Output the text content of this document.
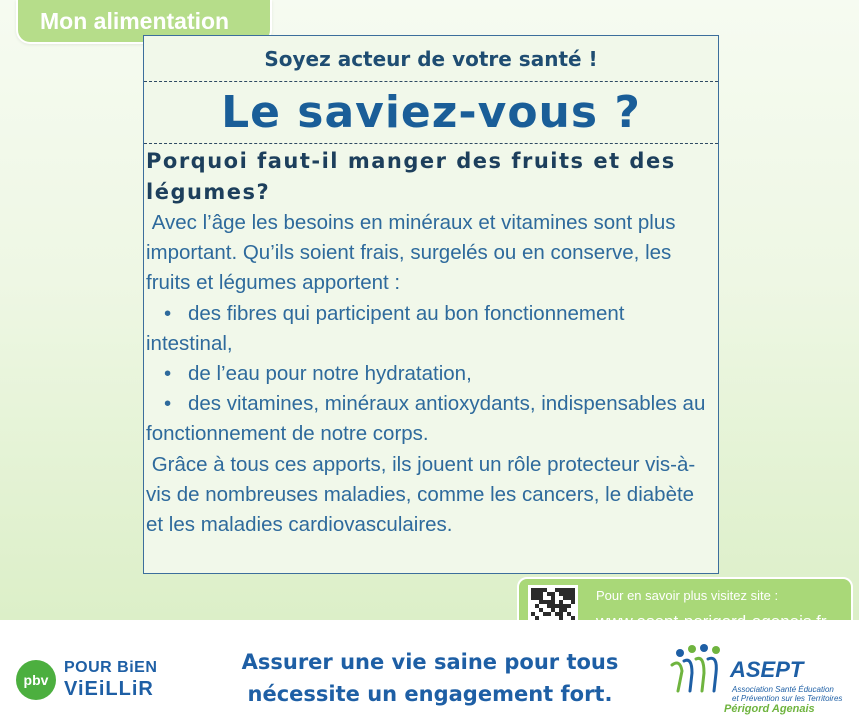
Mon alimentation
Soyez acteur de votre santé !
Le saviez-vous ?
Porquoi faut-il manger des fruits et des légumes?

Avec l’âge les besoins en minéraux et vitamines sont plus important. Qu’ils soient frais, surgelés ou en conserve, les fruits et légumes apportent :

• des fibres qui participent au bon fonctionnement intestinal,

• de l’eau pour notre hydratation,

• des vitamines, minéraux antioxydants, indispensables au fonctionnement de notre corps.

Grâce à tous ces apports, ils jouent un rôle protecteur vis-à-vis de nombreuses maladies, comme les cancers, le diabète et les maladies cardiovasculaires.

Pour en savoir plus visitez site :
pbv
POUR BiEN
ViEiLLiR
Assurer une vie saine pour tous
nécessite un engagement fort.
ASEPT
Association Santé Éducation
et Prévention sur les Territoires
Périgord Agenais
